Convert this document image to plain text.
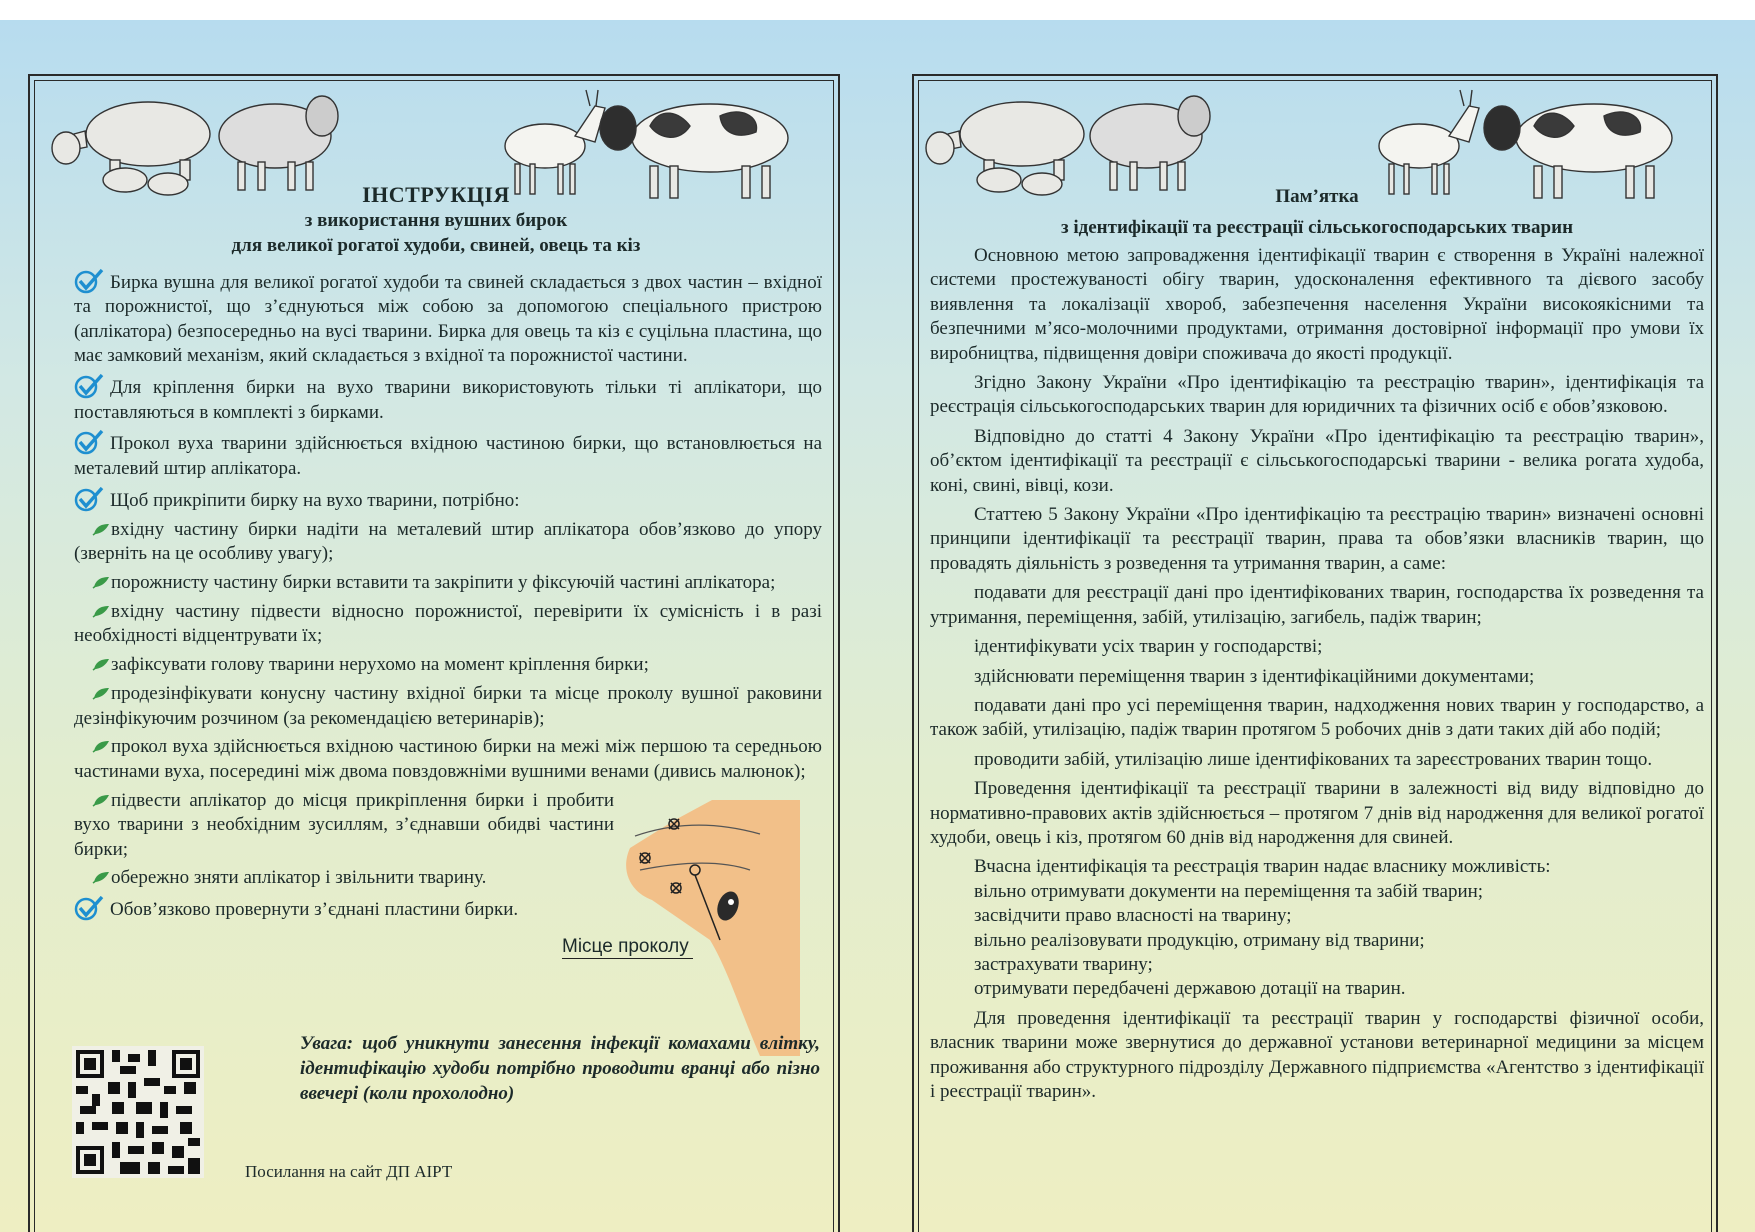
ІНСТРУКЦІЯ
з використання вушних бирок
для великої рогатої худоби, свиней, овець та кіз

Бирка вушна для великої рогатої худоби та свиней складається з двох частин – вхідної та порожнистої, що з’єднуються між собою за допомогою спеціального пристрою (аплікатора) безпосередньо на вусі тварини. Бирка для овець та кіз є суцільна пластина, що має замковий механізм, який складається з вхідної та порожнистої частини.

Для кріплення бирки на вухо тварини використовують тільки ті аплікатори, що поставляються в комплекті з бирками.

Прокол вуха тварини здійснюється вхідною частиною бирки, що встановлюється на металевий штир аплікатора.

Щоб прикріпити бирку на вухо тварини, потрібно:

вхідну частину бирки надіти на металевий штир аплікатора обов’язково до упору (зверніть на це особливу увагу);

порожнисту частину бирки вставити та закріпити у фіксуючій частині аплікатора;

вхідну частину підвести відносно порожнистої, перевірити їх сумісність і в разі необхідності відцентрувати їх;

зафіксувати голову тварини нерухомо на момент кріплення бирки;

продезінфікувати конусну частину вхідної бирки та місце проколу вушної раковини дезінфікуючим розчином (за рекомендацією ветеринарів);

прокол вуха здійснюється вхідною частиною бирки на межі між першою та середньою частинами вуха, посередині між двома повздовжніми вушними венами (дивись малюнок);

підвести аплікатор до місця прикріплення бирки і пробити вухо тварини з необхідним зусиллям, з’єднавши обидві частини бирки;

обережно зняти аплікатор і звільнити тварину.

Обов’язково провернути з’єднані пластини бирки.

Місце проколу
Увага: щоб уникнути занесення інфекції комахами влітку, ідентифікацію худоби потрібно проводити вранці або пізно ввечері (коли прохолодно)
Посилання на сайт ДП АІРТ
Пам’ятка
з ідентифікації та реєстрації сільськогосподарських тварин

Основною метою запровадження ідентифікації тварин є створення в Україні належної системи простежуваності обігу тварин, удосконалення ефективного та дієвого засобу виявлення та локалізації хвороб, забезпечення населення України високоякісними та безпечними м’ясо-молочними продуктами, отримання достовірної інформації про умови їх виробництва, підвищення довіри споживача до якості продукції.

Згідно Закону України «Про ідентифікацію та реєстрацію тварин», ідентифікація та реєстрація сільськогосподарських тварин для юридичних та фізичних осіб є обов’язковою.

Відповідно до статті 4 Закону України «Про ідентифікацію та реєстрацію тварин», об’єктом ідентифікації та реєстрації є сільськогосподарські тварини - велика рогата худоба, коні, свині, вівці, кози.

Статтею 5 Закону України «Про ідентифікацію та реєстрацію тварин» визначені основні принципи ідентифікації та реєстрації тварин, права та обов’язки власників тварин, що провадять діяльність з розведення та утримання тварин, а саме:

подавати для реєстрації дані про ідентифікованих тварин, господарства їх розведення та утримання, переміщення, забій, утилізацію, загибель, падіж тварин;

ідентифікувати усіх тварин у господарстві;

здійснювати переміщення тварин з ідентифікаційними документами;

подавати дані про усі переміщення тварин, надходження нових тварин у господарство, а також забій, утилізацію, падіж тварин протягом 5 робочих днів з дати таких дій або подій;

проводити забій, утилізацію лише ідентифікованих та зареєстрованих тварин тощо.

Проведення ідентифікації та реєстрації тварини в залежності від виду відповідно до нормативно-правових актів здійснюється – протягом 7 днів від народження для великої рогатої худоби, овець і кіз, протягом 60 днів від народження для свиней.

Вчасна ідентифікація та реєстрація тварин надає власнику можливість:

вільно отримувати документи на переміщення та забій тварин;

засвідчити право власності на тварину;

вільно реалізовувати продукцію, отриману від тварини;

застрахувати тварину;

отримувати передбачені державою дотації на тварин.

Для проведення ідентифікації та реєстрації тварин у господарстві фізичної особи, власник тварини може звернутися до державної установи ветеринарної медицини за місцем проживання або структурного підрозділу Державного підприємства «Агентство з ідентифікації і реєстрації тварин».
